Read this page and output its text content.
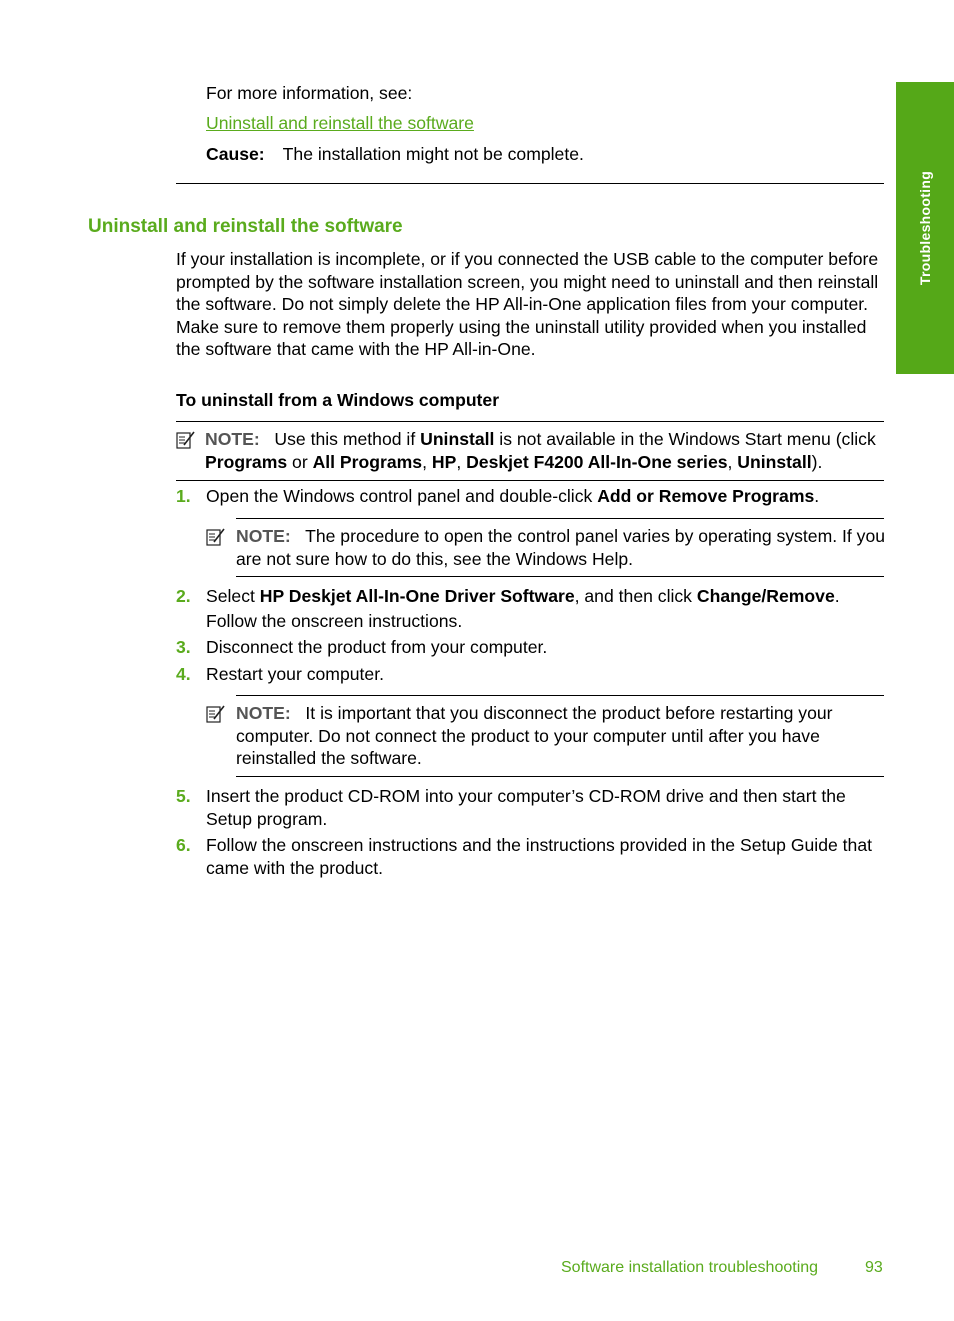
Troubleshooting
For more information, see:
Uninstall and reinstall the software
Cause: The installation might not be complete.
Uninstall and reinstall the software
If your installation is incomplete, or if you connected the USB cable to the computer before prompted by the software installation screen, you might need to uninstall and then reinstall the software. Do not simply delete the HP All-in-One application files from your computer. Make sure to remove them properly using the uninstall utility provided when you installed the software that came with the HP All-in-One.
To uninstall from a Windows computer
NOTE: Use this method if Uninstall is not available in the Windows Start menu (click Programs or All Programs, HP, Deskjet F4200 All-In-One series, Uninstall).
1. Open the Windows control panel and double-click Add or Remove Programs.
NOTE: The procedure to open the control panel varies by operating system. If you are not sure how to do this, see the Windows Help.
2. Select HP Deskjet All-In-One Driver Software, and then click Change/Remove.
Follow the onscreen instructions.
3. Disconnect the product from your computer.
4. Restart your computer.
NOTE: It is important that you disconnect the product before restarting your computer. Do not connect the product to your computer until after you have reinstalled the software.
5. Insert the product CD-ROM into your computer’s CD-ROM drive and then start the Setup program.
6. Follow the onscreen instructions and the instructions provided in the Setup Guide that came with the product.
Software installation troubleshooting	93
